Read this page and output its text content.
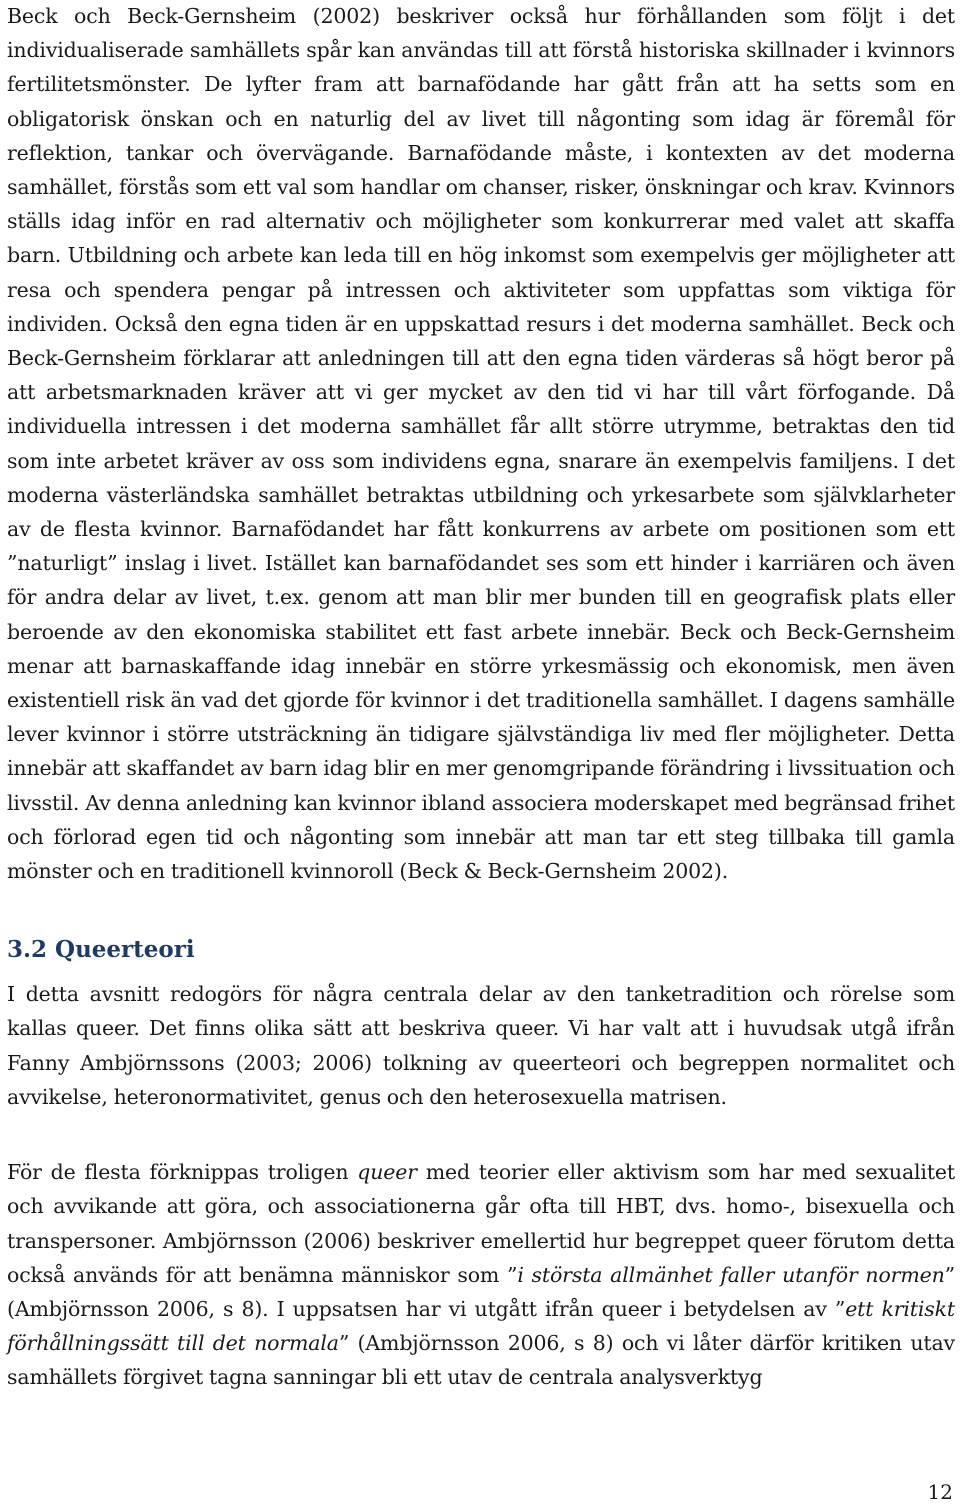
Beck och Beck-Gernsheim (2002) beskriver också hur förhållanden som följt i det individualiserade samhällets spår kan användas till att förstå historiska skillnader i kvinnors fertilitetsmönster. De lyfter fram att barnafödande har gått från att ha setts som en obligatorisk önskan och en naturlig del av livet till någonting som idag är föremål för reflektion, tankar och övervägande. Barnafödande måste, i kontexten av det moderna samhället, förstås som ett val som handlar om chanser, risker, önskningar och krav. Kvinnors ställs idag inför en rad alternativ och möjligheter som konkurrerar med valet att skaffa barn. Utbildning och arbete kan leda till en hög inkomst som exempelvis ger möjligheter att resa och spendera pengar på intressen och aktiviteter som uppfattas som viktiga för individen. Också den egna tiden är en uppskattad resurs i det moderna samhället. Beck och Beck-Gernsheim förklarar att anledningen till att den egna tiden värderas så högt beror på att arbetsmarknaden kräver att vi ger mycket av den tid vi har till vårt förfogande. Då individuella intressen i det moderna samhället får allt större utrymme, betraktas den tid som inte arbetet kräver av oss som individens egna, snarare än exempelvis familjens. I det moderna västerländska samhället betraktas utbildning och yrkesarbete som självklarheter av de flesta kvinnor. Barnafödandet har fått konkurrens av arbete om positionen som ett ”naturligt” inslag i livet. Istället kan barnafödandet ses som ett hinder i karriären och även för andra delar av livet, t.ex. genom att man blir mer bunden till en geografisk plats eller beroende av den ekonomiska stabilitet ett fast arbete innebär. Beck och Beck-Gernsheim menar att barnaskaffande idag innebär en större yrkesmässig och ekonomisk, men även existentiell risk än vad det gjorde för kvinnor i det traditionella samhället. I dagens samhälle lever kvinnor i större utsträckning än tidigare självständiga liv med fler möjligheter. Detta innebär att skaffandet av barn idag blir en mer genomgripande förändring i livssituation och livsstil. Av denna anledning kan kvinnor ibland associera moderskapet med begränsad frihet och förlorad egen tid och någonting som innebär att man tar ett steg tillbaka till gamla mönster och en traditionell kvinnoroll (Beck & Beck-Gernsheim 2002).

3.2 Queerteori

I detta avsnitt redogörs för några centrala delar av den tanketradition och rörelse som kallas queer. Det finns olika sätt att beskriva queer. Vi har valt att i huvudsak utgå ifrån Fanny Ambjörnssons (2003; 2006) tolkning av queerteori och begreppen normalitet och avvikelse, heteronormativitet, genus och den heterosexuella matrisen.

För de flesta förknippas troligen queer med teorier eller aktivism som har med sexualitet och avvikande att göra, och associationerna går ofta till HBT, dvs. homo-, bisexuella och transpersoner. Ambjörnsson (2006) beskriver emellertid hur begreppet queer förutom detta också används för att benämna människor som ”i största allmänhet faller utanför normen” (Ambjörnsson 2006, s 8). I uppsatsen har vi utgått ifrån queer i betydelsen av ”ett kritiskt förhållningssätt till det normala” (Ambjörnsson 2006, s 8) och vi låter därför kritiken utav samhällets förgivet tagna sanningar bli ett utav de centrala analysverktyg

12
